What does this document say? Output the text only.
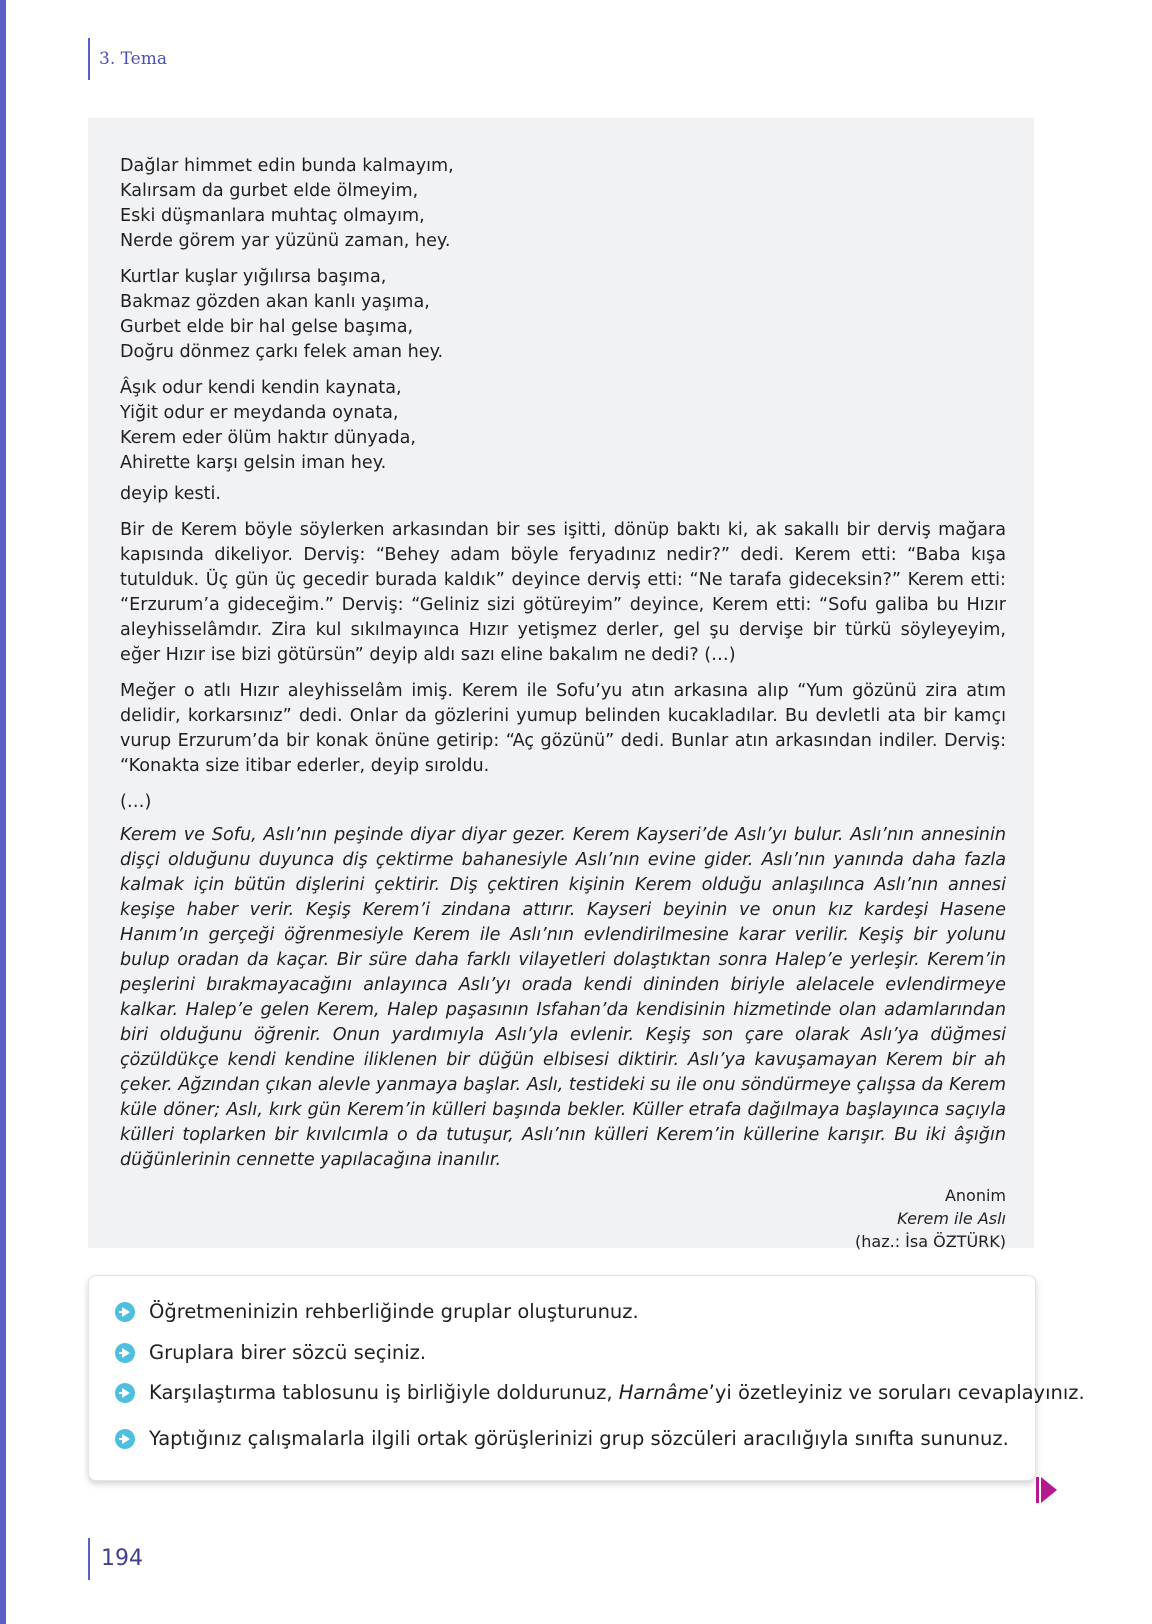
3. Tema
Dağlar himmet edin bunda kalmayım,
Kalırsam da gurbet elde ölmeyim,
Eski düşmanlara muhtaç olmayım,
Nerde görem yar yüzünü zaman, hey.
Kurtlar kuşlar yığılırsa başıma,
Bakmaz gözden akan kanlı yaşıma,
Gurbet elde bir hal gelse başıma,
Doğru dönmez çarkı felek aman hey.
Âşık odur kendi kendin kaynata,
Yiğit odur er meydanda oynata,
Kerem eder ölüm haktır dünyada,
Ahirette karşı gelsin iman hey.

deyip kesti.

Bir de Kerem böyle söylerken arkasından bir ses işitti, dönüp baktı ki, ak sakallı bir derviş mağara kapısında dikeliyor. Derviş: “Behey adam böyle feryadınız nedir?” dedi. Kerem etti: “Baba kışa tutulduk. Üç gün üç gecedir burada kaldık” deyince derviş etti: “Ne tarafa gideceksin?” Kerem etti: “Erzurum’a gideceğim.” Derviş: “Geliniz sizi götüreyim” deyince, Kerem etti: “Sofu galiba bu Hızır aleyhisselâmdır. Zira kul sıkılmayınca Hızır yetişmez derler, gel şu dervişe bir türkü söyleyeyim, eğer Hızır ise bizi götürsün” deyip aldı sazı eline bakalım ne dedi? (…)

Meğer o atlı Hızır aleyhisselâm imiş. Kerem ile Sofu’yu atın arkasına alıp “Yum gözünü zira atım delidir, korkarsınız” dedi. Onlar da gözlerini yumup belinden kucakladılar. Bu devletli ata bir kamçı vurup Erzurum’da bir konak önüne getirip: “Aç gözünü” dedi. Bunlar atın arkasından indiler. Derviş: “Konakta size itibar ederler, deyip sıroldu.

(…)

Kerem ve Sofu, Aslı’nın peşinde diyar diyar gezer. Kerem Kayseri’de Aslı’yı bulur. Aslı’nın annesinin dişçi olduğunu duyunca diş çektirme bahanesiyle Aslı’nın evine gider. Aslı’nın yanında daha fazla kalmak için bütün dişlerini çektirir. Diş çektiren kişinin Kerem olduğu anlaşılınca Aslı’nın annesi keşişe haber verir. Keşiş Kerem’i zindana attırır. Kayseri beyinin ve onun kız kardeşi Hasene Hanım’ın gerçeği öğrenmesiyle Kerem ile Aslı’nın evlendirilmesine karar verilir. Keşiş bir yolunu bulup oradan da kaçar. Bir süre daha farklı vilayetleri dolaştıktan sonra Halep’e yerleşir. Kerem’in peşlerini bırakmayacağını anlayınca Aslı’yı orada kendi dininden biriyle alelacele evlendirmeye kalkar. Halep’e gelen Kerem, Halep paşasının Isfahan’da kendisinin hizmetinde olan adamlarından biri olduğunu öğrenir. Onun yardımıyla Aslı’yla evlenir. Keşiş son çare olarak Aslı’ya düğmesi çözüldükçe kendi kendine iliklenen bir düğün elbisesi diktirir. Aslı’ya kavuşamayan Kerem bir ah çeker. Ağzından çıkan alevle yanmaya başlar. Aslı, testideki su ile onu söndürmeye çalışsa da Kerem küle döner; Aslı, kırk gün Kerem’in külleri başında bekler. Küller etrafa dağılmaya başlayınca saçıyla külleri toplarken bir kıvılcımla o da tutuşur, Aslı’nın külleri Kerem’in küllerine karışır. Bu iki âşığın düğünlerinin cennette yapılacağına inanılır.

Anonim
Kerem ile Aslı
(haz.: İsa ÖZTÜRK)
Öğretmeninizin rehberliğinde gruplar oluşturunuz.
Gruplara birer sözcü seçiniz.
Karşılaştırma tablosunu iş birliğiyle doldurunuz, Harnâme’yi özetleyiniz ve soruları cevaplayınız.
Yaptığınız çalışmalarla ilgili ortak görüşlerinizi grup sözcüleri aracılığıyla sınıfta sununuz.
194
